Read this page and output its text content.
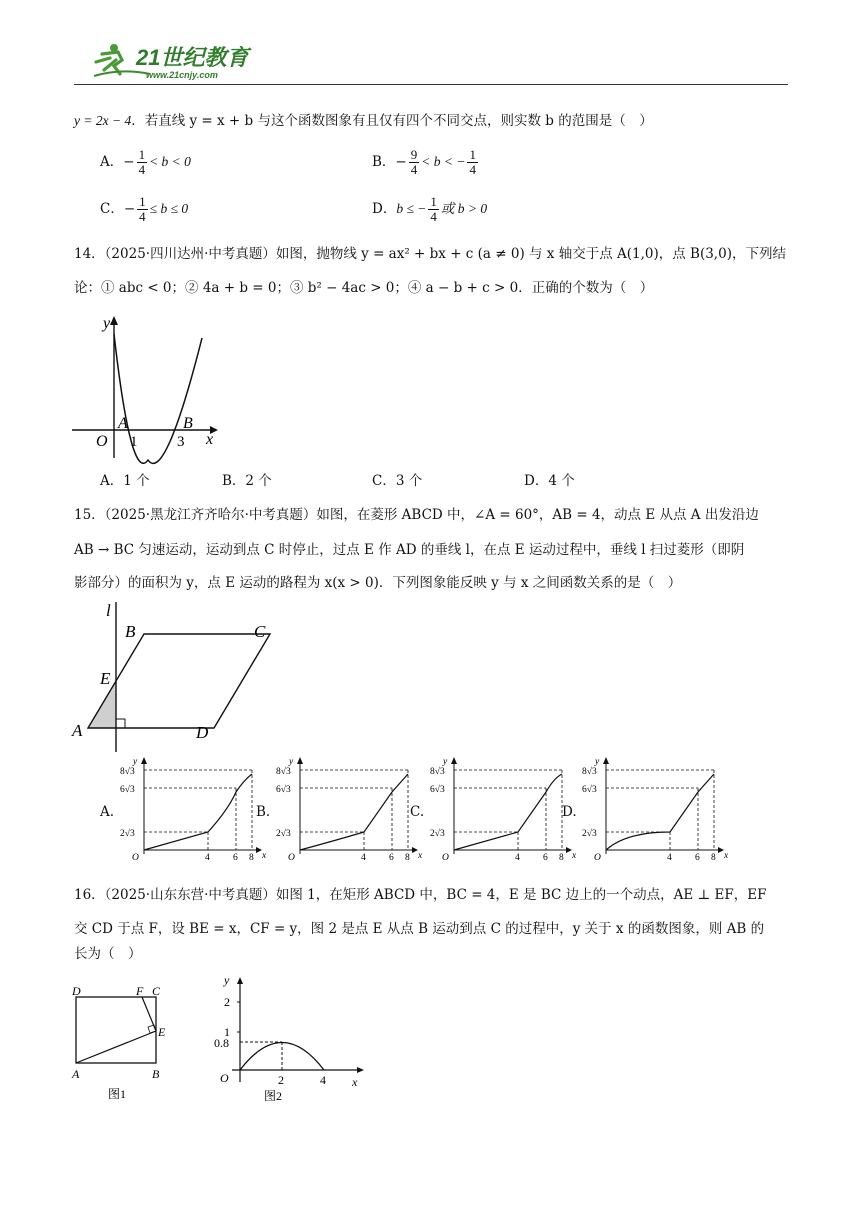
21世纪教育
www.21cnjy.com
y = 2x − 4．若直线 y = x + b 与这个函数图象有且仅有四个不同交点，则实数 b 的范围是（　）
A．− $\frac{1}{4} < b < 0$	B．− $\frac{9}{4} < b$ < − $\frac{1}{4}$
C．− $\frac{1}{4} \le b \le 0$	D．b ≤ − $\frac{1}{4}$ 或 b > 0
14．（2025·四川达州·中考真题）如图，抛物线 y = ax² + bx + c (a ≠ 0) 与 x 轴交于点 A(1,0)，点 B(3,0)，下列结
论：① abc < 0；② 4a + b = 0；③ b² − 4ac > 0；④ a − b + c > 0．正确的个数为（　）
y
x
O
A	B
1	3
A．1 个	B．2 个	C．3 个	D．4 个
15．（2025·黑龙江齐齐哈尔·中考真题）如图，在菱形 ABCD 中，∠A = 60°，AB = 4，动点 E 从点 A 出发沿边
AB → BC 匀速运动，运动到点 C 时停止，过点 E 作 AD 的垂线 l，在点 E 运动过程中，垂线 l 扫过菱形（即阴
影部分）的面积为 y，点 E 运动的路程为 x(x > 0)．下列图象能反映 y 与 x 之间函数关系的是（　）
l
B	C
E
A	D
A.
y
x
O
8√3
6√3
2√3
4 6 8
B.
y
x
O
8√3
6√3
2√3
4 6 8
C.
y
x
O
8√3
6√3
2√3
4 6 8
D.
y
x
O
8√3
6√3
2√3
4 6 8
16．（2025·山东东营·中考真题）如图 1，在矩形 ABCD 中，BC = 4，E 是 BC 边上的一个动点，AE ⊥ EF，EF
交 CD 于点 F，设 BE = x，CF = y，图 2 是点 E 从点 B 运动到点 C 的过程中，y 关于 x 的函数图象，则 AB 的
长为（　）
D	F C
E
A	B
图1
y
x
O
2
1
0.8
2	4
图2
